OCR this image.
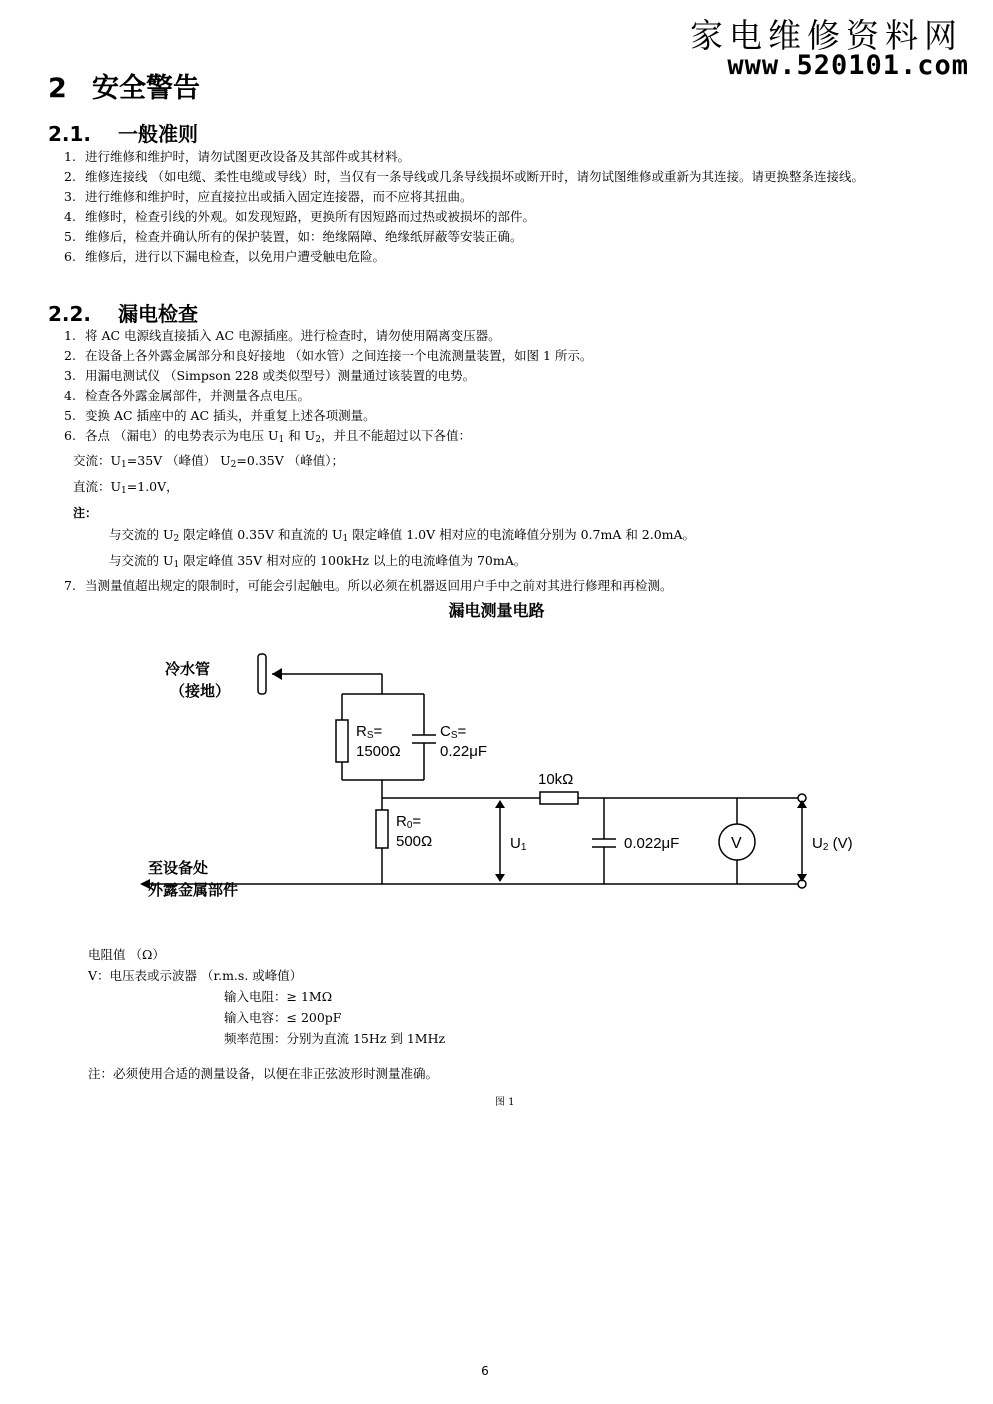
家电维修资料网
www.520101.com
2 安全警告
2.1. 一般准则
1. 进行维修和维护时，请勿试图更改设备及其部件或其材料。
2. 维修连接线 （如电缆、柔性电缆或导线）时，当仅有一条导线或几条导线损坏或断开时，请勿试图维修或重新为其连接。请更换整条连接线。
3. 进行维修和维护时，应直接拉出或插入固定连接器，而不应将其扭曲。
4. 维修时，检查引线的外观。如发现短路，更换所有因短路而过热或被损坏的部件。
5. 维修后，检查并确认所有的保护装置，如：绝缘隔障、绝缘纸屏蔽等安装正确。
6. 维修后，进行以下漏电检查，以免用户遭受触电危险。
2.2. 漏电检查
1. 将 AC 电源线直接插入 AC 电源插座。进行检查时，请勿使用隔离变压器。
2. 在设备上各外露金属部分和良好接地 （如水管）之间连接一个电流测量装置，如图 1 所示。
3. 用漏电测试仪 （Simpson 228 或类似型号）测量通过该装置的电势。
4. 检查各外露金属部件，并测量各点电压。
5. 变换 AC 插座中的 AC 插头，并重复上述各项测量。
6. 各点 （漏电）的电势表示为电压 $U_1$ 和 $U_2$，并且不能超过以下各值：
交流：$U_1=35V$ （峰值） $U_2=0.35V$ （峰值）；
直流：$U_1=1.0V$，
注：
与交流的 $U_2$ 限定峰值 0.35V 和直流的 $U_1$ 限定峰值 1.0V 相对应的电流峰值分别为 0.7mA 和 2.0mA。
与交流的 $U_1$ 限定峰值 35V 相对应的 100kHz 以上的电流峰值为 70mA。
7. 当测量值超出规定的限制时，可能会引起触电。所以必须在机器返回用户手中之前对其进行修理和再检测。
漏电测量电路
冷水管
（接地）
至设备处
外露金属部件
RS=
1500Ω
CS=
0.22μF
R0=
500Ω
10kΩ
U1	0.022μF	V	U2 (V)
电阻值 （Ω）
V：电压表或示波器 （r.m.s. 或峰值）
输入电阻：≥ 1MΩ
输入电容：≤ 200pF
频率范围：分别为直流 15Hz 到 1MHz
注：必须使用合适的测量设备，以便在非正弦波形时测量准确。
图 1
6
